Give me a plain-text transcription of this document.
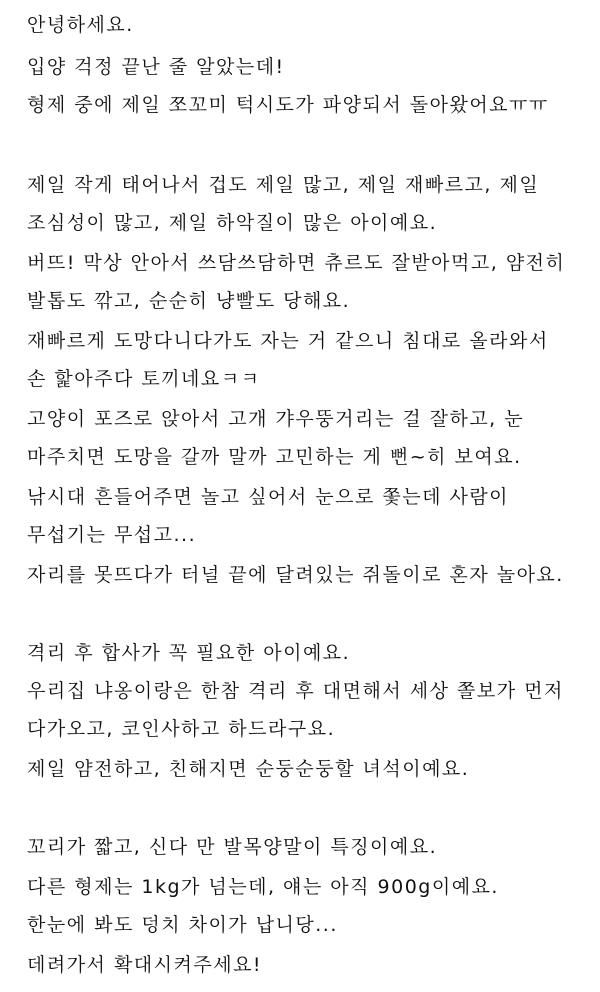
안녕하세요.
입양 걱정 끝난 줄 알았는데!
형제 중에 제일 쪼꼬미 턱시도가 파양되서 돌아왔어요ㅠㅠ
제일 작게 태어나서 겁도 제일 많고, 제일 재빠르고, 제일
조심성이 많고, 제일 하악질이 많은 아이예요.
버뜨! 막상 안아서 쓰담쓰담하면 츄르도 잘받아먹고, 얌전히
발톱도 깎고, 순순히 냥빨도 당해요.
재빠르게 도망다니다가도 자는 거 같으니 침대로 올라와서
손 핥아주다 토끼네요ㅋㅋ
고양이 포즈로 앉아서 고개 갸우뚱거리는 걸 잘하고, 눈
마주치면 도망을 갈까 말까 고민하는 게 뻔~히 보여요.
낚시대 흔들어주면 놀고 싶어서 눈으로 쫓는데 사람이
무섭기는 무섭고...
자리를 못뜨다가 터널 끝에 달려있는 쥐돌이로 혼자 놀아요.
격리 후 합사가 꼭 필요한 아이예요.
우리집 냐옹이랑은 한참 격리 후 대면해서 세상 쫄보가 먼저
다가오고, 코인사하고 하드라구요.
제일 얌전하고, 친해지면 순둥순둥할 녀석이예요.
꼬리가 짧고, 신다 만 발목양말이 특징이예요.
다른 형제는 1kg가 넘는데, 얘는 아직 900g이예요.
한눈에 봐도 덩치 차이가 납니당...
데려가서 확대시켜주세요!
